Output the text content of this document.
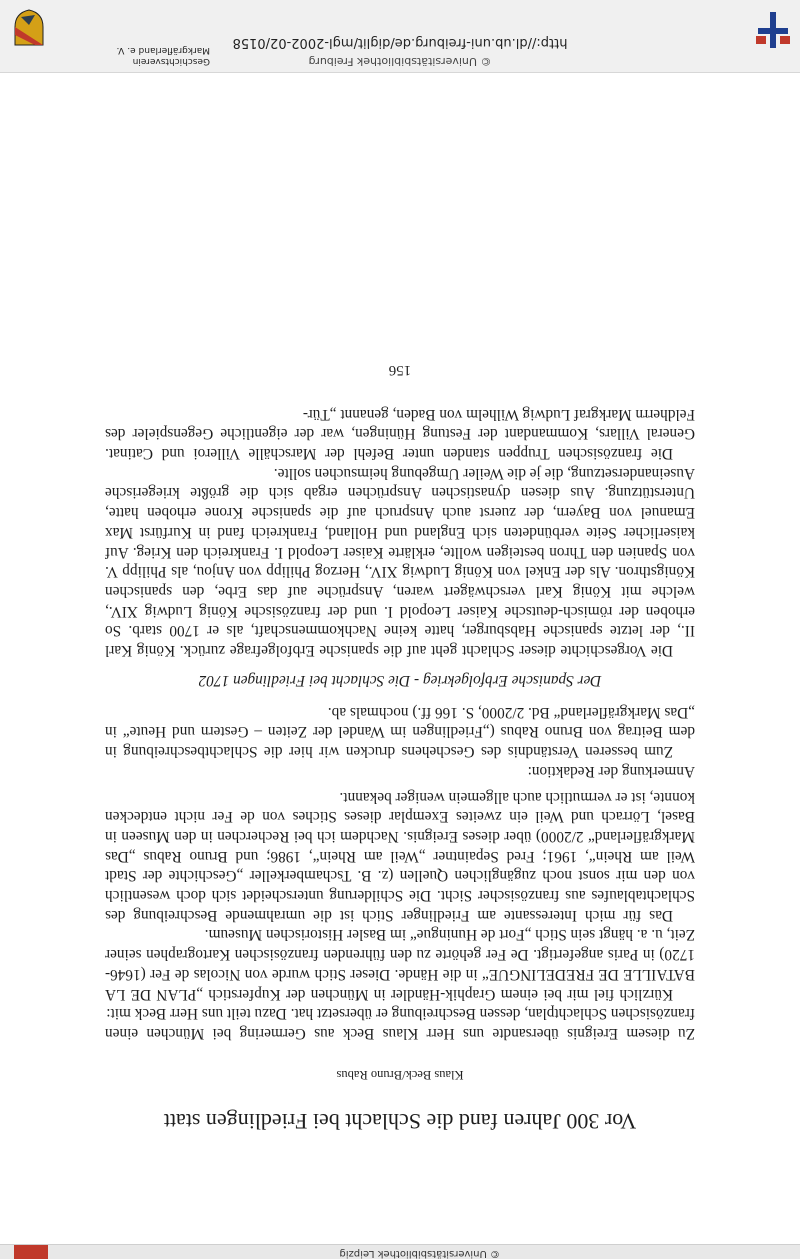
© Universitätsbibliothek Leipzig
Vor 300 Jahren fand die Schlacht bei Friedlingen statt
Klaus Beck/Bruno Rabus

Zu diesem Ereignis übersandte uns Herr Klaus Beck aus Germering bei München einen französischen Schlachtplan, dessen Beschreibung er übersetzt hat. Dazu teilt uns Herr Beck mit:

Kürzlich fiel mir bei einem Graphik-Händler in München der Kupferstich „PLAN DE LA BATAILLE DE FREDELINGUE“ in die Hände. Dieser Stich wurde von Nicolas de Fer (1646-1720) in Paris angefertigt. De Fer gehörte zu den führenden französischen Kartographen seiner Zeit, u. a. hängt sein Stich „Fort de Huningue“ im Basler Historischen Museum.

Das für mich Interessante am Friedlinger Stich ist die umrahmende Beschreibung des Schlachtablaufes aus französischer Sicht. Die Schilderung unterscheidet sich doch wesentlich von den mir sonst noch zugänglichen Quellen (z. B. Tschamberkeller „Geschichte der Stadt Weil am Rhein“, 1961; Fred Sepaintner „Weil am Rhein“, 1986; und Bruno Rabus „Das Markgräflerland“ 2/2000) über dieses Ereignis. Nachdem ich bei Recherchen in den Museen in Basel, Lörrach und Weil ein zweites Exemplar dieses Stiches von de Fer nicht entdecken konnte, ist er vermutlich auch allgemein weniger bekannt.

Anmerkung der Redaktion:

Zum besseren Verständnis des Geschehens drucken wir hier die Schlachtbeschreibung in dem Beitrag von Bruno Rabus („Friedlingen im Wandel der Zeiten – Gestern und Heute“ in „Das Markgräflerland“ Bd. 2/2000, S. 166 ff.) nochmals ab.

Der Spanische Erbfolgekrieg - Die Schlacht bei Friedlingen 1702

Die Vorgeschichte dieser Schlacht geht auf die spanische Erbfolgefrage zurück. König Karl II., der letzte spanische Habsburger, hatte keine Nachkommenschaft, als er 1700 starb. So erhoben der römisch-deutsche Kaiser Leopold I. und der französische König Ludwig XIV., welche mit König Karl verschwägert waren, Ansprüche auf das Erbe, den spanischen Königsthron. Als der Enkel von König Ludwig XIV., Herzog Philipp von Anjou, als Philipp V. von Spanien den Thron besteigen wollte, erklärte Kaiser Leopold I. Frankreich den Krieg. Auf kaiserlicher Seite verbündeten sich England und Holland, Frankreich fand in Kurfürst Max Emanuel von Bayern, der zuerst auch Anspruch auf die spanische Krone erhoben hatte, Unterstützung. Aus diesen dynastischen Ansprüchen ergab sich die größte kriegerische Auseinandersetzung, die je die Weiler Umgebung heimsuchen sollte.

Die französischen Truppen standen unter Befehl der Marschälle Villeroi und Catinat. General Villars, Kommandant der Festung Hüningen, war der eigentliche Gegenspieler des Feldherrn Markgraf Ludwig Wilhelm von Baden, genannt „Tür-

156
© Universitätsbibliothek Freiburg
http://dl.ub.uni-freiburg.de/diglit/mgl-2002-02/0158
Geschichtsverein
Markgräflerland e. V.
